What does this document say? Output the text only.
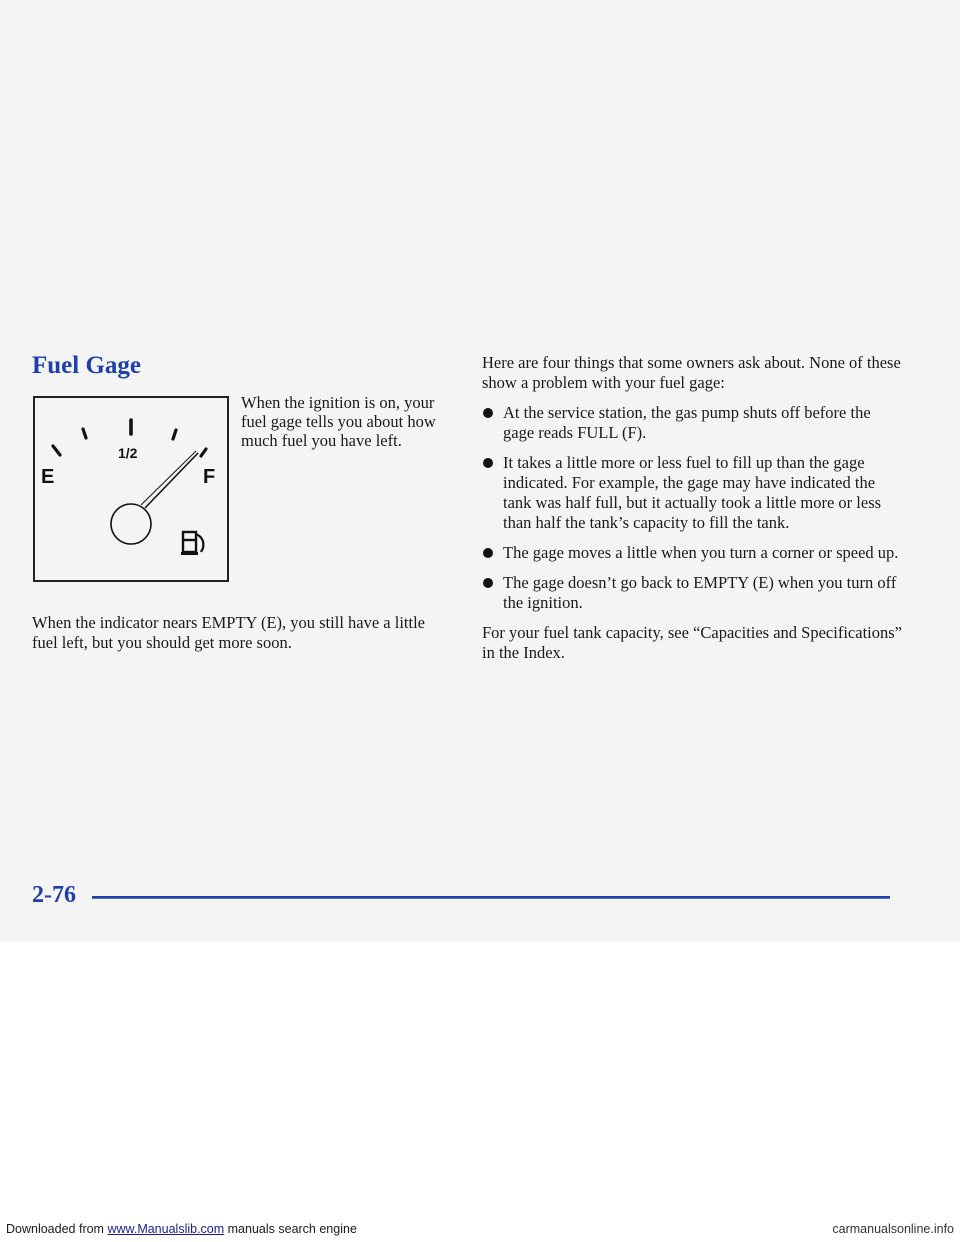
Fuel Gage
E
1/2
F

When the ignition is on, your fuel gage tells you about how much fuel you have left.

When the indicator nears EMPTY (E), you still have a little fuel left, but you should get more soon.

Here are four things that some owners ask about. None of these show a problem with your fuel gage:

At the service station, the gas pump shuts off before the gage reads FULL (F).
It takes a little more or less fuel to fill up than the gage indicated. For example, the gage may have indicated the tank was half full, but it actually took a little more or less than half the tank’s capacity to fill the tank.
The gage moves a little when you turn a corner or speed up.
The gage doesn’t go back to EMPTY (E) when you turn off the ignition.

For your fuel tank capacity, see “Capacities and Specifications” in the Index.

2-76

Downloaded from www.Manualslib.com manuals search engine	carmanualsonline.info
